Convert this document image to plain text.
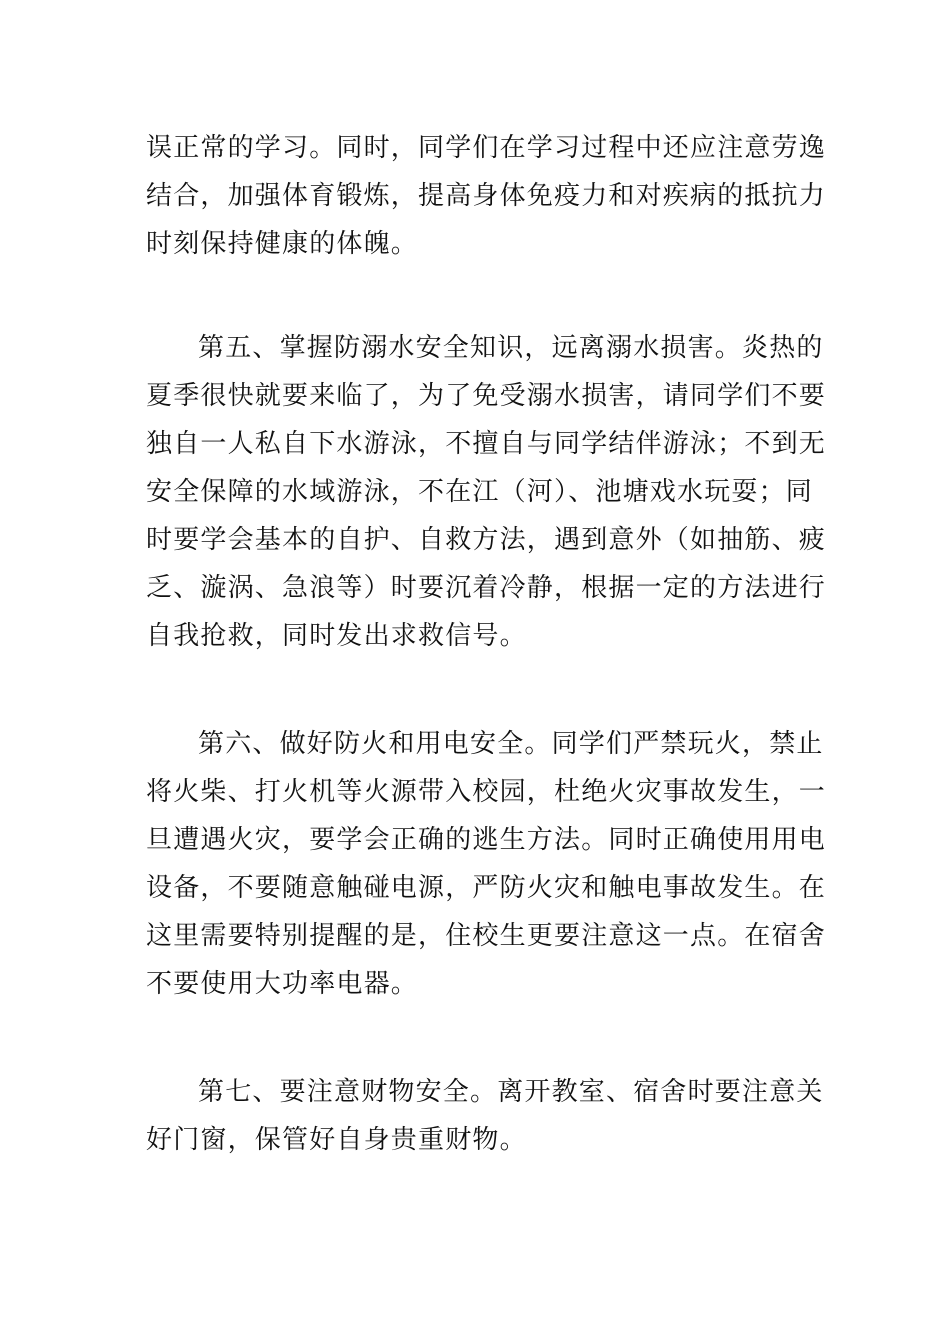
误正常的学习。同时，同学们在学习过程中还应注意劳逸
结合，加强体育锻炼，提高身体免疫力和对疾病的抵抗力
时刻保持健康的体魄。
第五、掌握防溺水安全知识，远离溺水损害。炎热的
夏季很快就要来临了，为了免受溺水损害，请同学们不要
独自一人私自下水游泳，不擅自与同学结伴游泳；不到无
安全保障的水域游泳，不在江（河）、池塘戏水玩耍；同
时要学会基本的自护、自救方法，遇到意外（如抽筋、疲
乏、漩涡、急浪等）时要沉着冷静，根据一定的方法进行
自我抢救，同时发出求救信号。
第六、做好防火和用电安全。同学们严禁玩火，禁止
将火柴、打火机等火源带入校园，杜绝火灾事故发生，一
旦遭遇火灾，要学会正确的逃生方法。同时正确使用用电
设备，不要随意触碰电源，严防火灾和触电事故发生。在
这里需要特别提醒的是，住校生更要注意这一点。在宿舍
不要使用大功率电器。
第七、要注意财物安全。离开教室、宿舍时要注意关
好门窗，保管好自身贵重财物。
